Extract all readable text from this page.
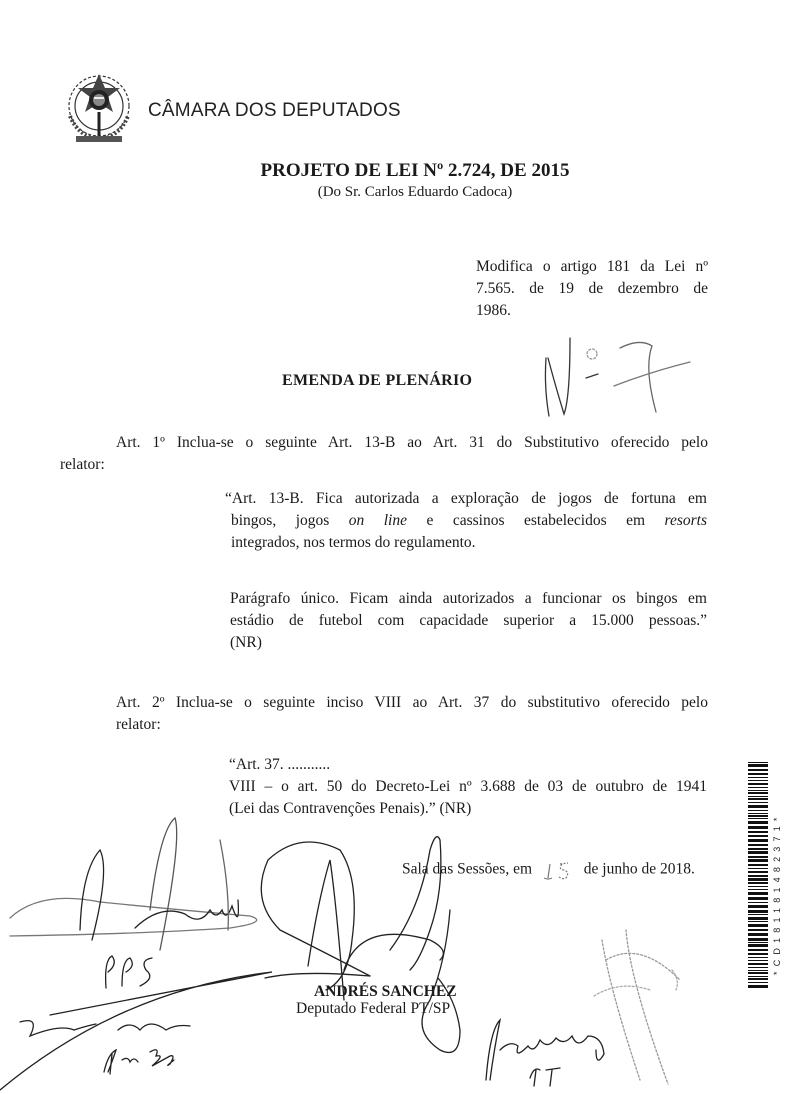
CÂMARA DOS DEPUTADOS
PROJETO DE LEI Nº 2.724, DE 2015
(Do Sr. Carlos Eduardo Cadoca)
Modifica o artigo 181 da Lei nº
7.565. de 19 de dezembro de
1986.
EMENDA DE PLENÁRIO
Art. 1º Inclua-se o seguinte Art. 13-B ao Art. 31 do Substitutivo oferecido pelo
relator:
“Art. 13-B. Fica autorizada a exploração de jogos de fortuna em
bingos, jogos on line e cassinos estabelecidos em resorts
integrados, nos termos do regulamento.
Parágrafo único. Ficam ainda autorizados a funcionar os bingos em
estádio de futebol com capacidade superior a 15.000 pessoas.”
(NR)
Art. 2º Inclua-se o seguinte inciso VIII ao Art. 37 do substitutivo oferecido pelo
relator:
“Art. 37. ...........
VIII – o art. 50 do Decreto-Lei nº 3.688 de 03 de outubro de 1941
(Lei das Contravenções Penais).” (NR)
Sala das Sessões, em	de junho de 2018.
ANDRÉS SANCHEZ
Deputado Federal PT/SP
*CD181181482371*
